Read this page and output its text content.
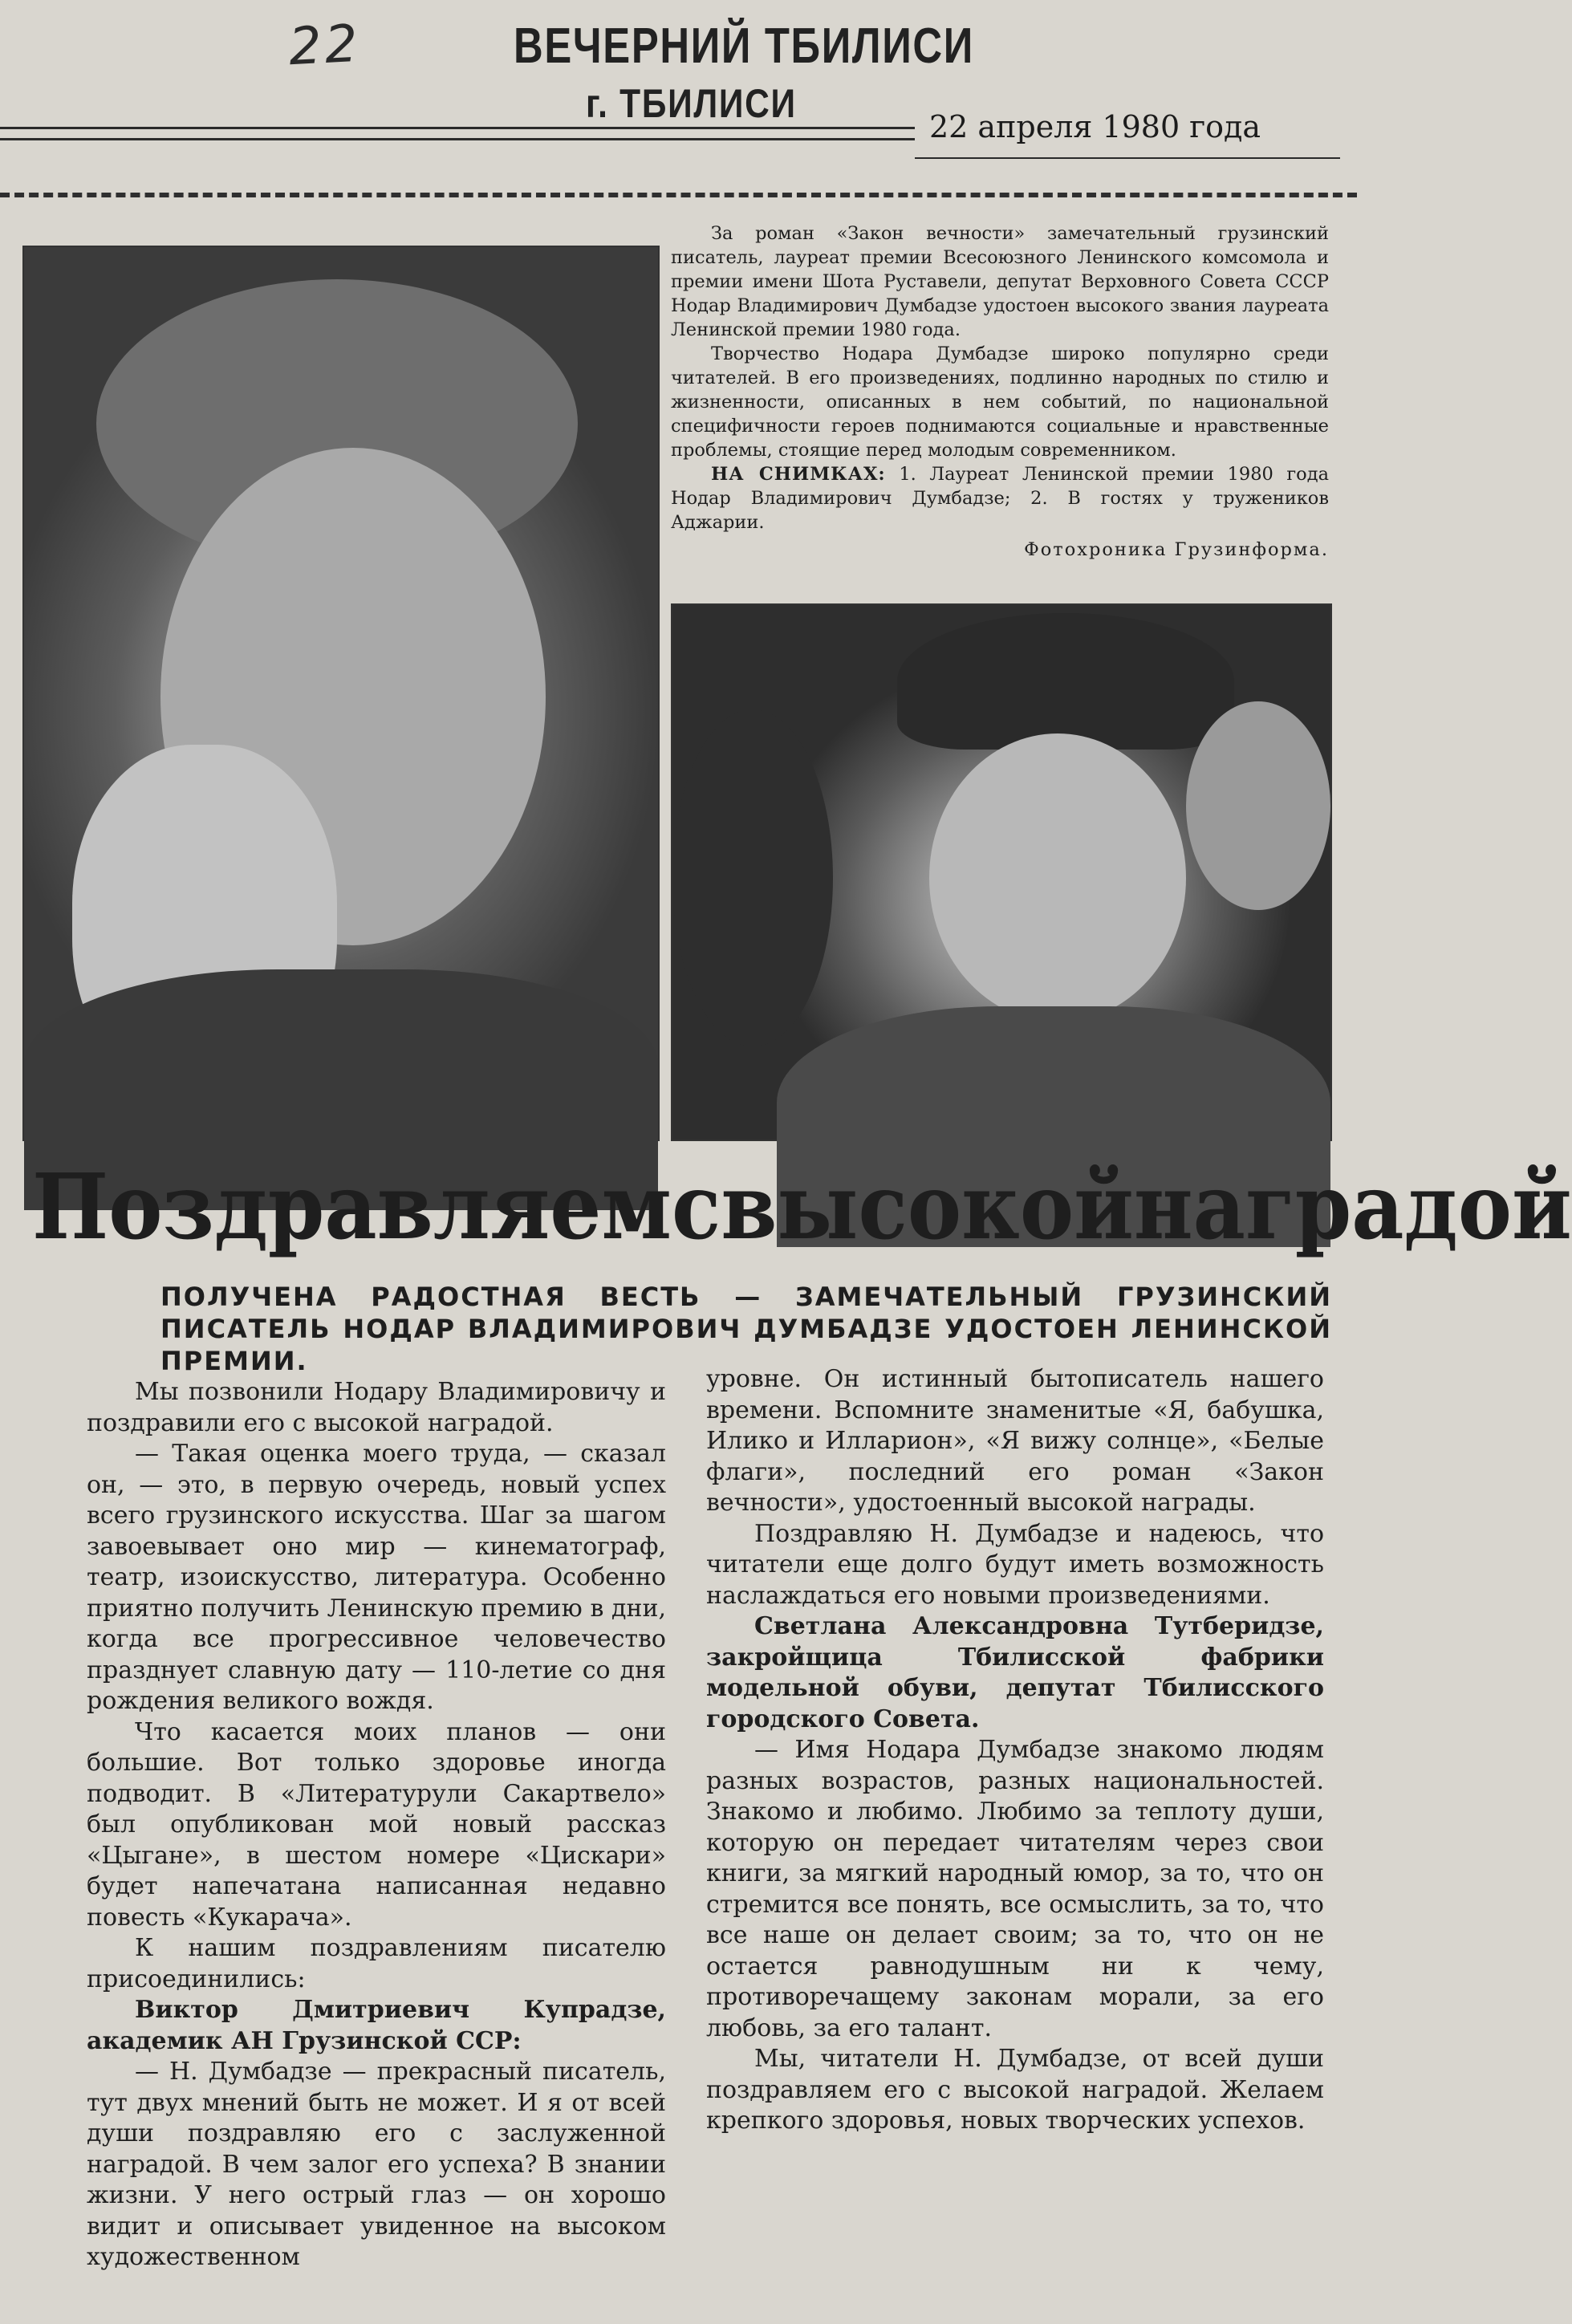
22	ВЕЧЕРНИЙ ТБИЛИСИ
г. ТБИЛИСИ
22 апреля 1980 года

За роман «Закон вечности» замечательный грузинский писатель, лауреат премии Всесоюзного Ленинского комсомола и премии имени Шота Руставели, депутат Верховного Совета СССР Нодар Владимирович Думбадзе удостоен высокого звания лауреата Ленинской премии 1980 года.

Творчество Нодара Думбадзе широко популярно среди читателей. В его произведениях, подлинно народных по стилю и жизненности, описанных в нем событий, по национальной специфичности героев поднимаются социальные и нравственные проблемы, стоящие перед молодым современником.

НА СНИМКАХ: 1. Лауреат Ленинской премии 1980 года Нодар Владимирович Думбадзе; 2. В гостях у тружеников Аджарии.

Фотохроника Грузинформа.

Поздравляем с высокой наградой
ПОЛУЧЕНА РАДОСТНАЯ ВЕСТЬ — ЗАМЕЧАТЕЛЬНЫЙ ГРУЗИНСКИЙ ПИСАТЕЛЬ НОДАР ВЛАДИМИРОВИЧ ДУМБАДЗЕ УДОСТОЕН ЛЕНИНСКОЙ ПРЕМИИ.

Мы позвонили Нодару Владимировичу и поздравили его с высокой наградой.

— Такая оценка моего труда, — сказал он, — это, в первую очередь, новый успех всего грузинского искусства. Шаг за шагом завоевывает оно мир — кинематограф, театр, изоискусство, литература. Особенно приятно получить Ленинскую премию в дни, когда все прогрессивное человечество празднует славную дату — 110-летие со дня рождения великого вождя.

Что касается моих планов — они большие. Вот только здоровье иногда подводит. В «Литературули Сакартвело» был опубликован мой новый рассказ «Цыгане», в шестом номере «Цискари» будет напечатана написанная недавно повесть «Кукарача».

К нашим поздравлениям писателю присоединились:

Виктор Дмитриевич Купрадзе, академик АН Грузинской ССР:

— Н. Думбадзе — прекрасный писатель, тут двух мнений быть не может. И я от всей души поздравляю его с заслуженной наградой. В чем залог его успеха? В знании жизни. У него острый глаз — он хорошо видит и описывает увиденное на высоком художественном

уровне. Он истинный бытописатель нашего времени. Вспомните знаменитые «Я, бабушка, Илико и Илларион», «Я вижу солнце», «Белые флаги», последний его роман «Закон вечности», удостоенный высокой награды.

Поздравляю Н. Думбадзе и надеюсь, что читатели еще долго будут иметь возможность наслаждаться его новыми произведениями.

Светлана Александровна Тутберидзе, закройщица Тбилисской фабрики модельной обуви, депутат Тбилисского городского Совета.

— Имя Нодара Думбадзе знакомо людям разных возрастов, разных национальностей. Знакомо и любимо. Любимо за теплоту души, которую он передает читателям через свои книги, за мягкий народный юмор, за то, что он стремится все понять, все осмыслить, за то, что все наше он делает своим; за то, что он не остается равнодушным ни к чему, противоречащему законам морали, за его любовь, за его талант.

Мы, читатели Н. Думбадзе, от всей души поздравляем его с высокой наградой. Желаем крепкого здоровья, новых творческих успехов.
